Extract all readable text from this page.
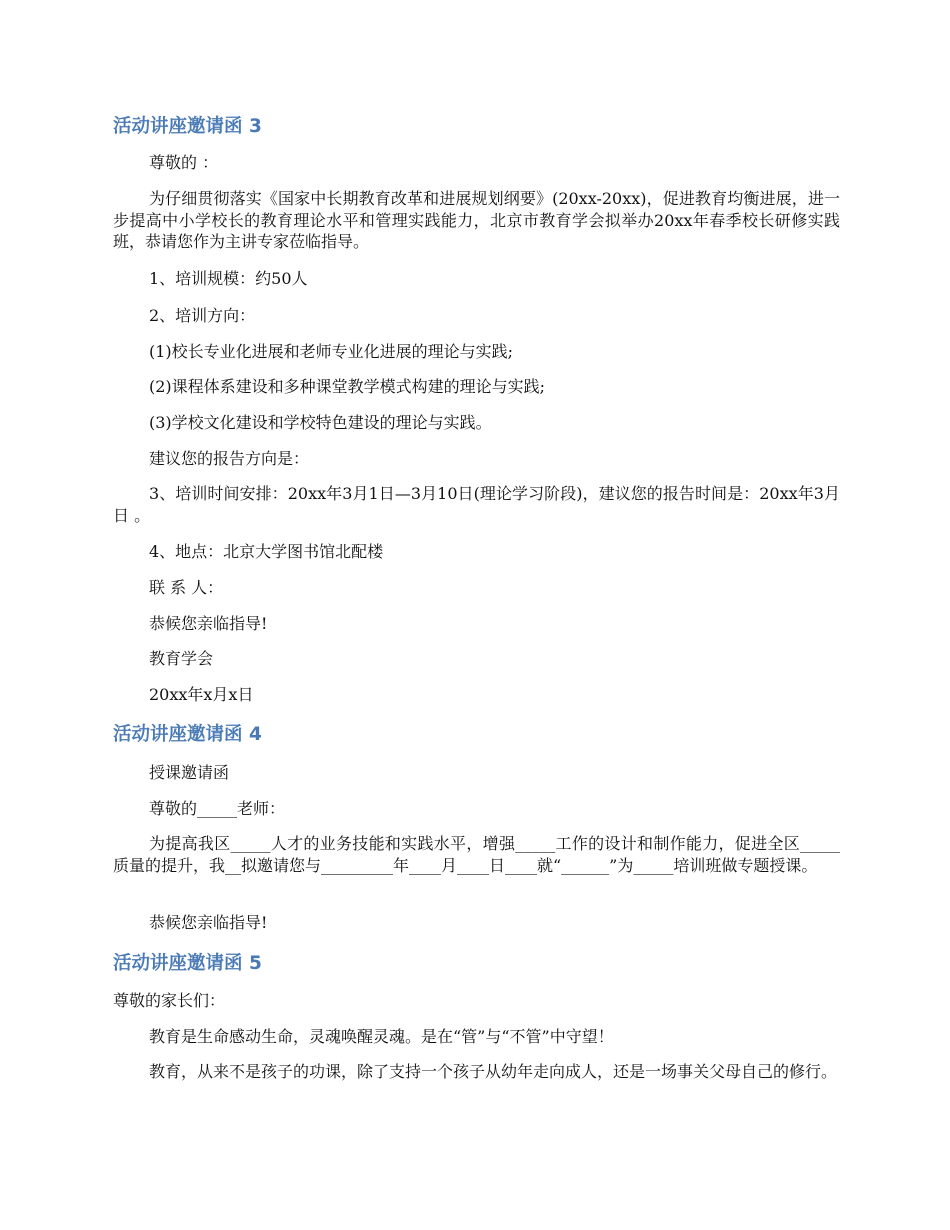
活动讲座邀请函 3

尊敬的 ：

为仔细贯彻落实《国家中长期教育改革和进展规划纲要》(20xx-20xx)，促进教育均衡进展，进一步提高中小学校长的教育理论水平和管理实践能力，北京市教育学会拟举办20xx年春季校长研修实践班，恭请您作为主讲专家莅临指导。

1、培训规模：约50人

2、培训方向：

(1)校长专业化进展和老师专业化进展的理论与实践;

(2)课程体系建设和多种课堂教学模式构建的理论与实践;

(3)学校文化建设和学校特色建设的理论与实践。

建议您的报告方向是：

3、培训时间安排：20xx年3月1日—3月10日(理论学习阶段)，建议您的报告时间是：20xx年3月日 。

4、地点：北京大学图书馆北配楼

联 系 人：

恭候您亲临指导!

教育学会

20xx年x月x日

活动讲座邀请函 4

授课邀请函

尊敬的_____老师：

为提高我区_____人才的业务技能和实践水平，增强_____工作的设计和制作能力，促进全区_____质量的提升，我__拟邀请您与_________年____月____日____就“______”为_____培训班做专题授课。

恭候您亲临指导!

活动讲座邀请函 5

尊敬的家长们：

教育是生命感动生命，灵魂唤醒灵魂。是在“管”与“不管”中守望！

教育，从来不是孩子的功课，除了支持一个孩子从幼年走向成人，还是一场事关父母自己的修行。
